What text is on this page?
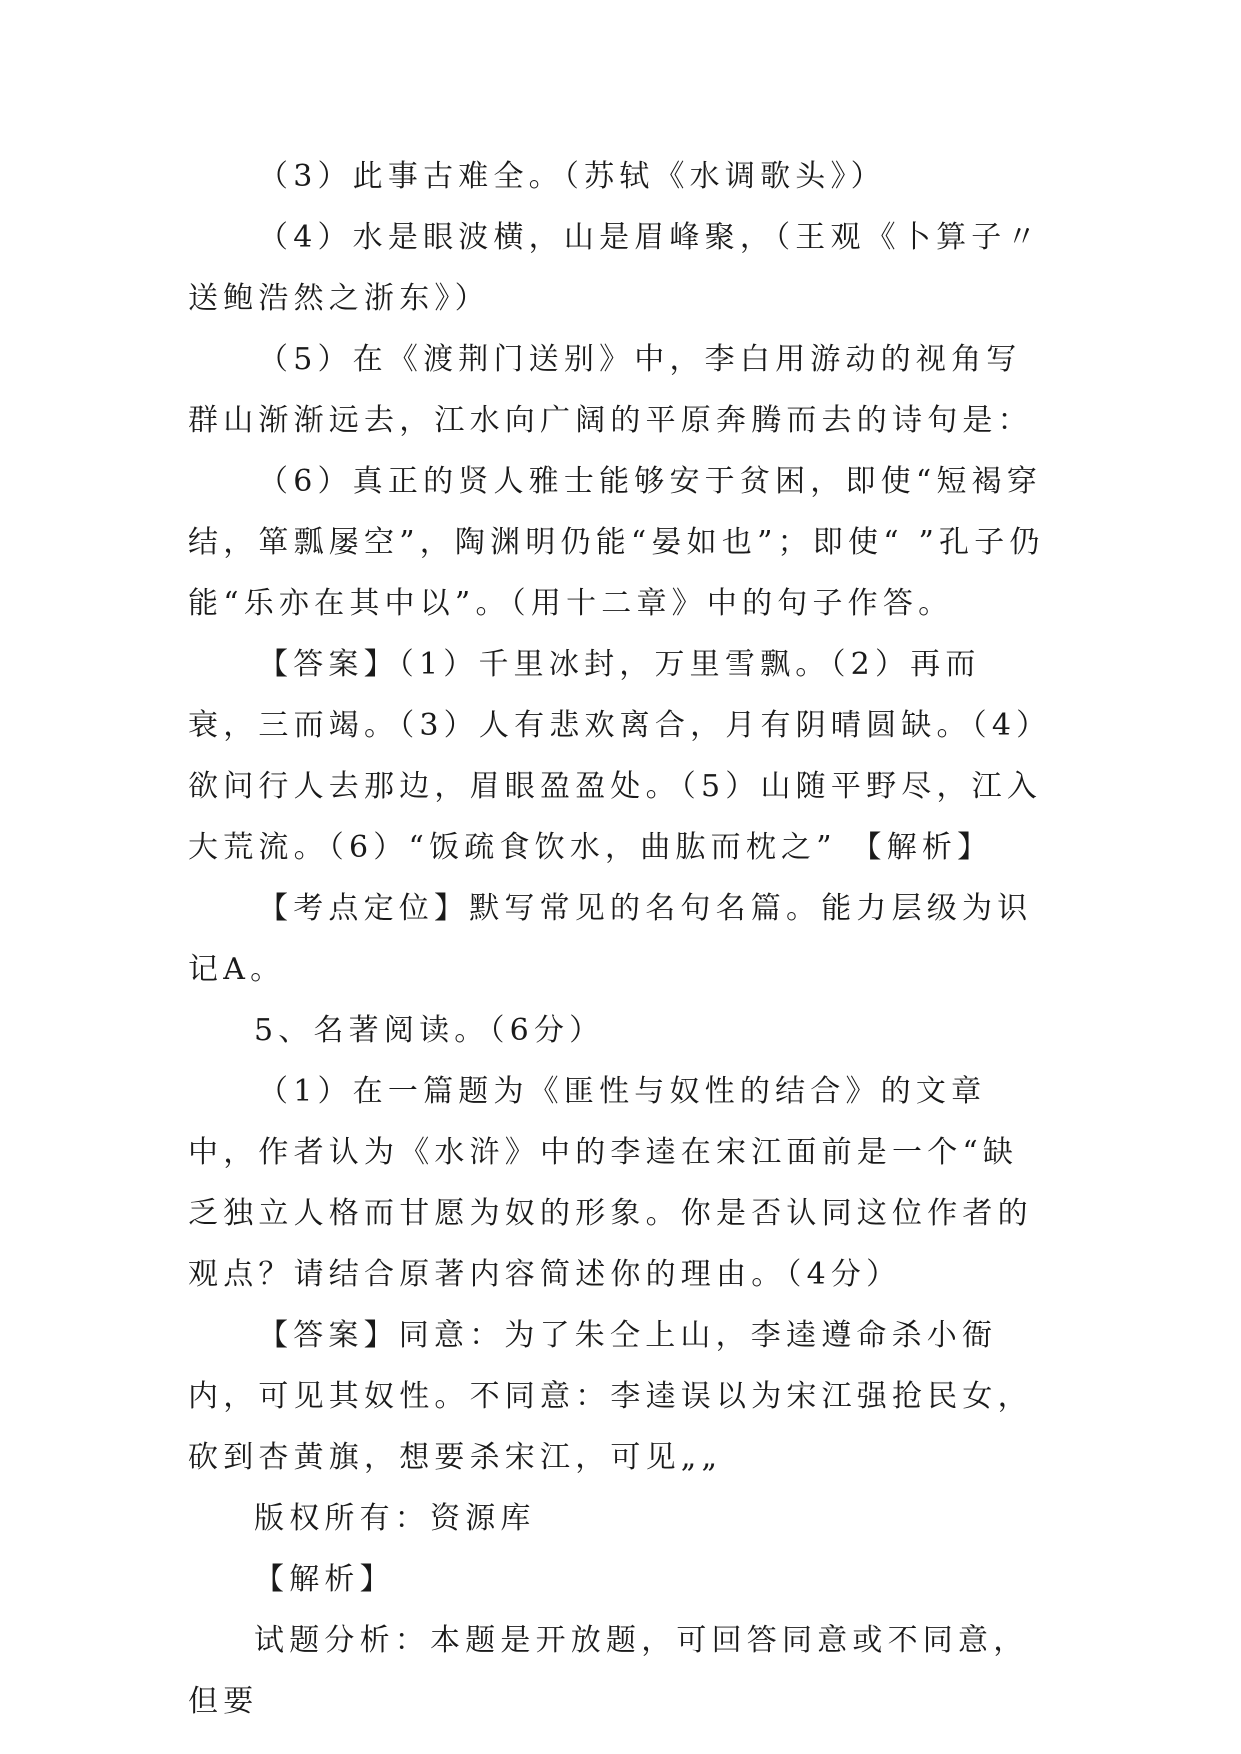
（3）此事古难全。（苏轼《水调歌头》）

（4）水是眼波横，山是眉峰聚，（王观《卜算子〃送鲍浩然之浙东》）

（5）在《渡荆门送别》中，李白用游动的视角写群山渐渐远去，江水向广阔的平原奔腾而去的诗句是：

（6）真正的贤人雅士能够安于贫困，即使“短褐穿结，箪瓢屡空”，陶渊明仍能“晏如也”；即使“ ”孔子仍能“乐亦在其中以”。（用十二章》中的句子作答。

【答案】（1）千里冰封，万里雪飘。（2）再而衰，三而竭。（3）人有悲欢离合，月有阴晴圆缺。（4）欲问行人去那边，眉眼盈盈处。（5）山随平野尽，江入大荒流。（6）“饭疏食饮水，曲肱而枕之” 【解析】

【考点定位】默写常见的名句名篇。能力层级为识记A。

5、名著阅读。（6分）

（1）在一篇题为《匪性与奴性的结合》的文章中，作者认为《水浒》中的李逵在宋江面前是一个“缺乏独立人格而甘愿为奴的形象。你是否认同这位作者的观点？请结合原著内容简述你的理由。（4分）

【答案】同意：为了朱仝上山，李逵遵命杀小衙内，可见其奴性。不同意：李逵误以为宋江强抢民女，砍到杏黄旗，想要杀宋江，可见„„

版权所有：资源库

【解析】

试题分析：本题是开放题，可回答同意或不同意，但要
